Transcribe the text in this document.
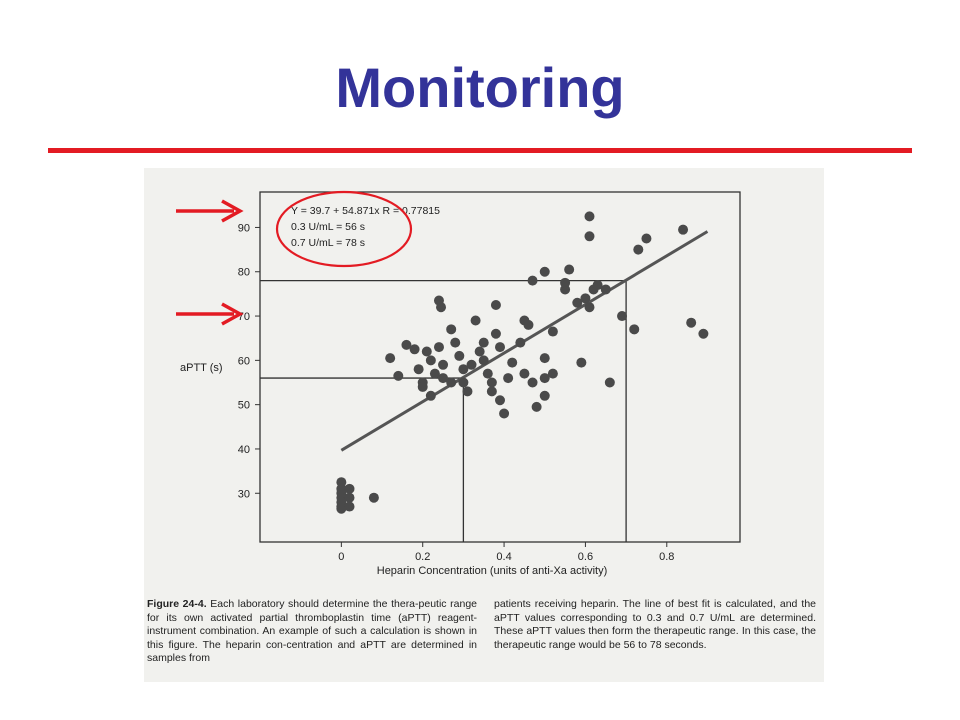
Monitoring
30
40
50
60
70
80
90
0	0.2	0.4	0.6	0.8
aPTT (s)
Heparin Concentration (units of anti-Xa activity)
Y = 39.7 + 54.871x R = 0.77815
0.3 U/mL = 56 s
0.7 U/mL = 78 s
Figure 24-4. Each laboratory should determine the thera-peutic range for its own activated partial thromboplastin time (aPTT) reagent-instrument combination. An example of such a calculation is shown in this figure. The heparin con-centration and aPTT are determined in samples from
patients receiving heparin. The line of best fit is calculated, and the aPTT values corresponding to 0.3 and 0.7 U/mL are determined. These aPTT values then form the therapeutic range. In this case, the therapeutic range would be 56 to 78 seconds.
